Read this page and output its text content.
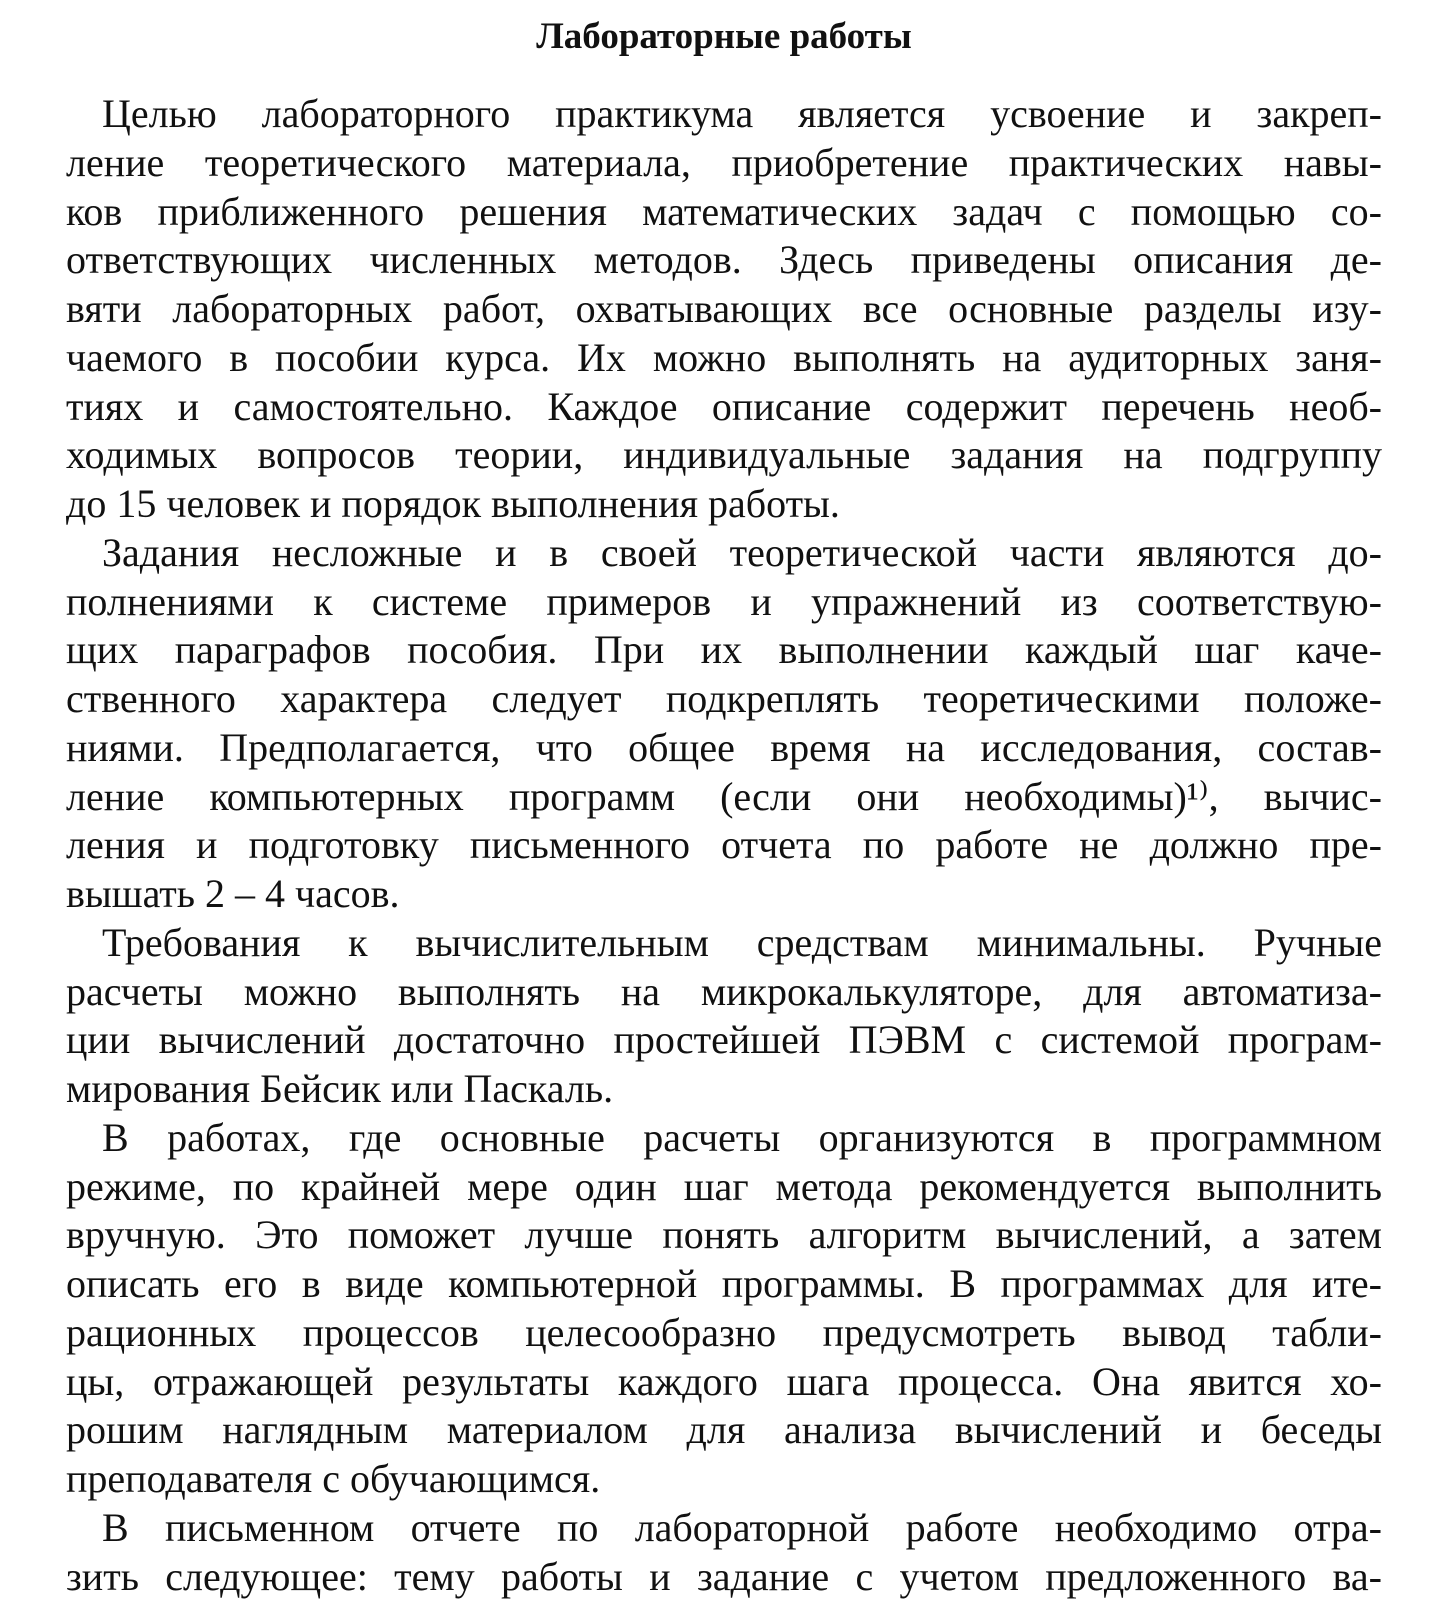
Лабораторные работы
Целью лабораторного практикума является усвоение и закреп-
ление теоретического материала, приобретение практических навы-
ков приближенного решения математических задач с помощью со-
ответствующих численных методов. Здесь приведены описания де-
вяти лабораторных работ, охватывающих все основные разделы изу-
чаемого в пособии курса. Их можно выполнять на аудиторных заня-
тиях и самостоятельно. Каждое описание содержит перечень необ-
ходимых вопросов теории, индивидуальные задания на подгруппу
до 15 человек и порядок выполнения работы.
Задания несложные и в своей теоретической части являются до-
полнениями к системе примеров и упражнений из соответствую-
щих параграфов пособия. При их выполнении каждый шаг каче-
ственного характера следует подкреплять теоретическими положе-
ниями. Предполагается, что общее время на исследования, состав-
ление компьютерных программ (если они необходимы)¹⁾, вычис-
ления и подготовку письменного отчета по работе не должно пре-
вышать 2 – 4 часов.
Требования к вычислительным средствам минимальны. Ручные
расчеты можно выполнять на микрокалькуляторе, для автоматиза-
ции вычислений достаточно простейшей ПЭВМ с системой програм-
мирования Бейсик или Паскаль.
В работах, где основные расчеты организуются в программном
режиме, по крайней мере один шаг метода рекомендуется выполнить
вручную. Это поможет лучше понять алгоритм вычислений, а затем
описать его в виде компьютерной программы. В программах для ите-
рационных процессов целесообразно предусмотреть вывод табли-
цы, отражающей результаты каждого шага процесса. Она явится хо-
рошим наглядным материалом для анализа вычислений и беседы
преподавателя с обучающимся.
В письменном отчете по лабораторной работе необходимо отра-
зить следующее: тему работы и задание с учетом предложенного ва-
